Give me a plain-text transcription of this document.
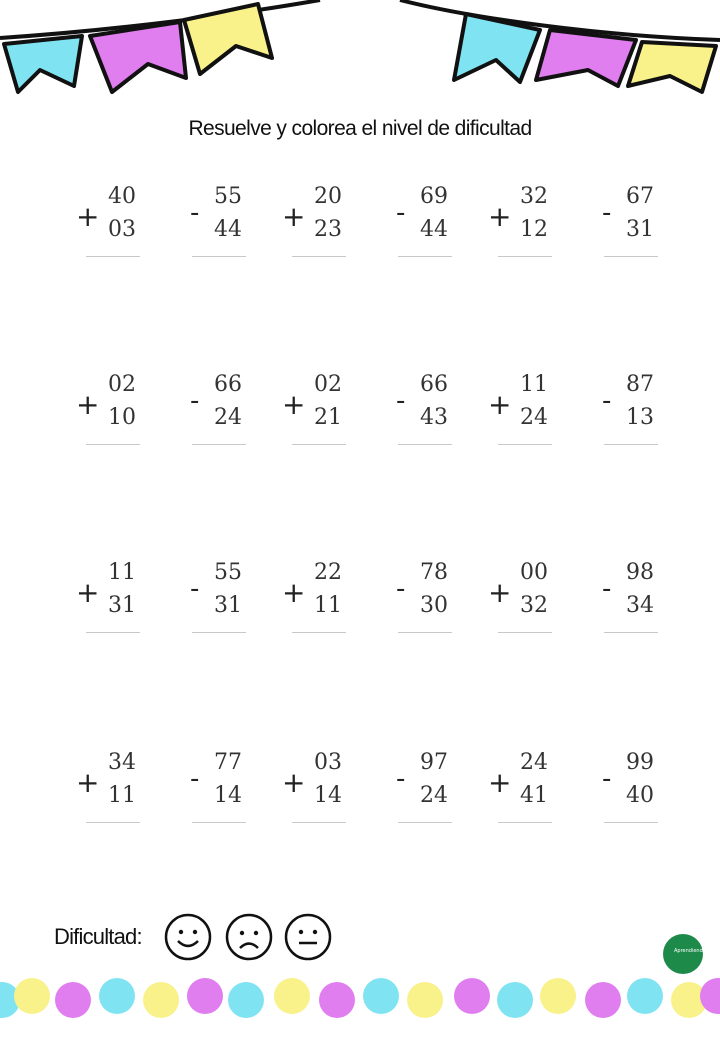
Resuelve y colorea el nivel de dificultad
+
40
03
-
55
44 +
20
23
-
69
44 +
32
12
-
67
31
+
02
10
-
66
24 +
02
21
-
66
43 +
11
24
-
87
13
+
11
31
-
55
31 +
22
11
-
78
30 +
00
32
-
98
34
+
34
11
-
77
14 +
03
14
-
97
24 +
24
41
-
99
40
Dificultad:
Aprendiendo
